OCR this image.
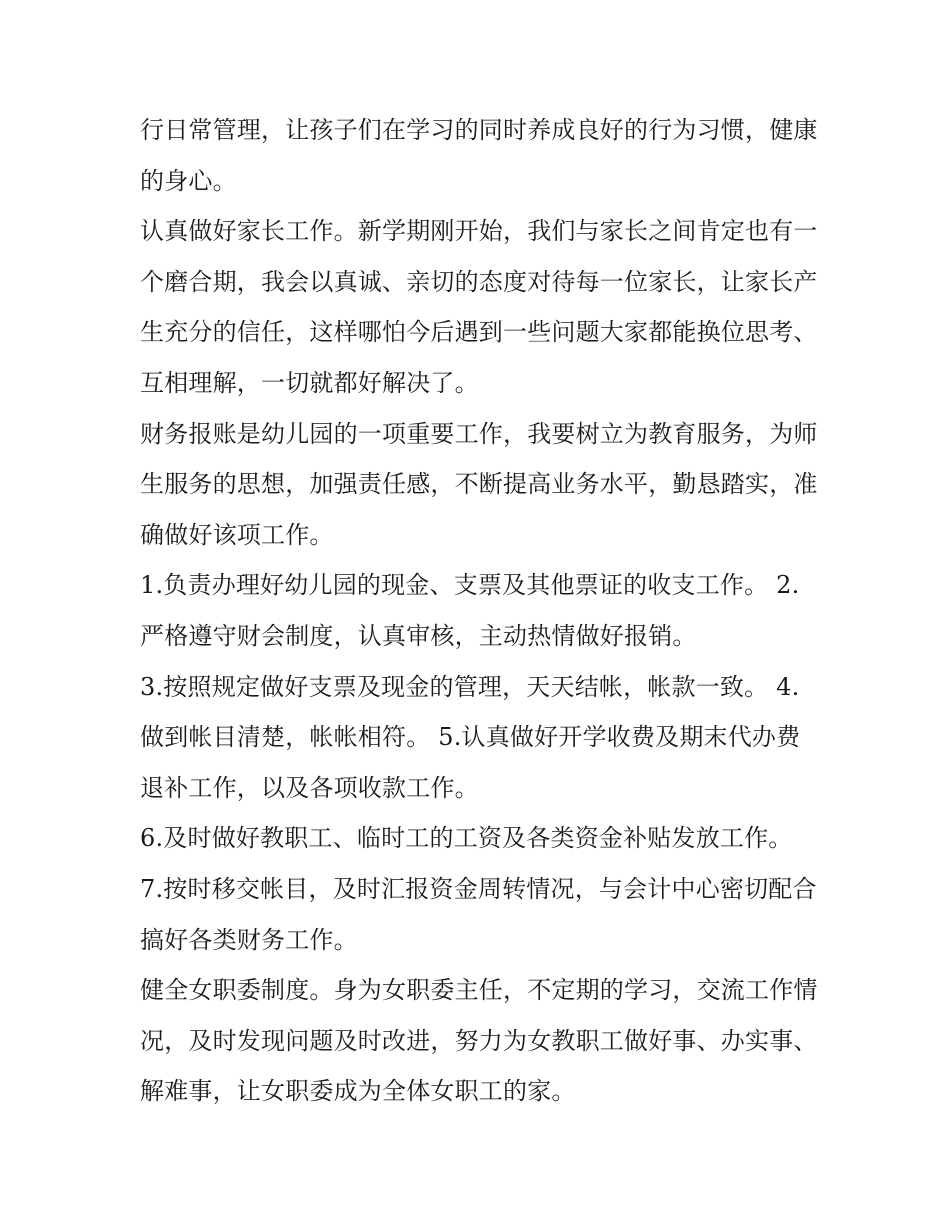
行日常管理，让孩子们在学习的同时养成良好的行为习惯，健康的身心。

认真做好家长工作。新学期刚开始，我们与家长之间肯定也有一个磨合期，我会以真诚、亲切的态度对待每一位家长，让家长产生充分的信任，这样哪怕今后遇到一些问题大家都能换位思考、互相理解，一切就都好解决了。

财务报账是幼儿园的一项重要工作，我要树立为教育服务，为师生服务的思想，加强责任感，不断提高业务水平，勤恳踏实，准确做好该项工作。

1.负责办理好幼儿园的现金、支票及其他票证的收支工作。 2.严格遵守财会制度，认真审核，主动热情做好报销。

3.按照规定做好支票及现金的管理，天天结帐，帐款一致。 4.做到帐目清楚，帐帐相符。 5.认真做好开学收费及期末代办费退补工作，以及各项收款工作。

6.及时做好教职工、临时工的工资及各类资金补贴发放工作。

7.按时移交帐目，及时汇报资金周转情况，与会计中心密切配合搞好各类财务工作。

健全女职委制度。身为女职委主任，不定期的学习，交流工作情况，及时发现问题及时改进，努力为女教职工做好事、办实事、解难事，让女职委成为全体女职工的家。
